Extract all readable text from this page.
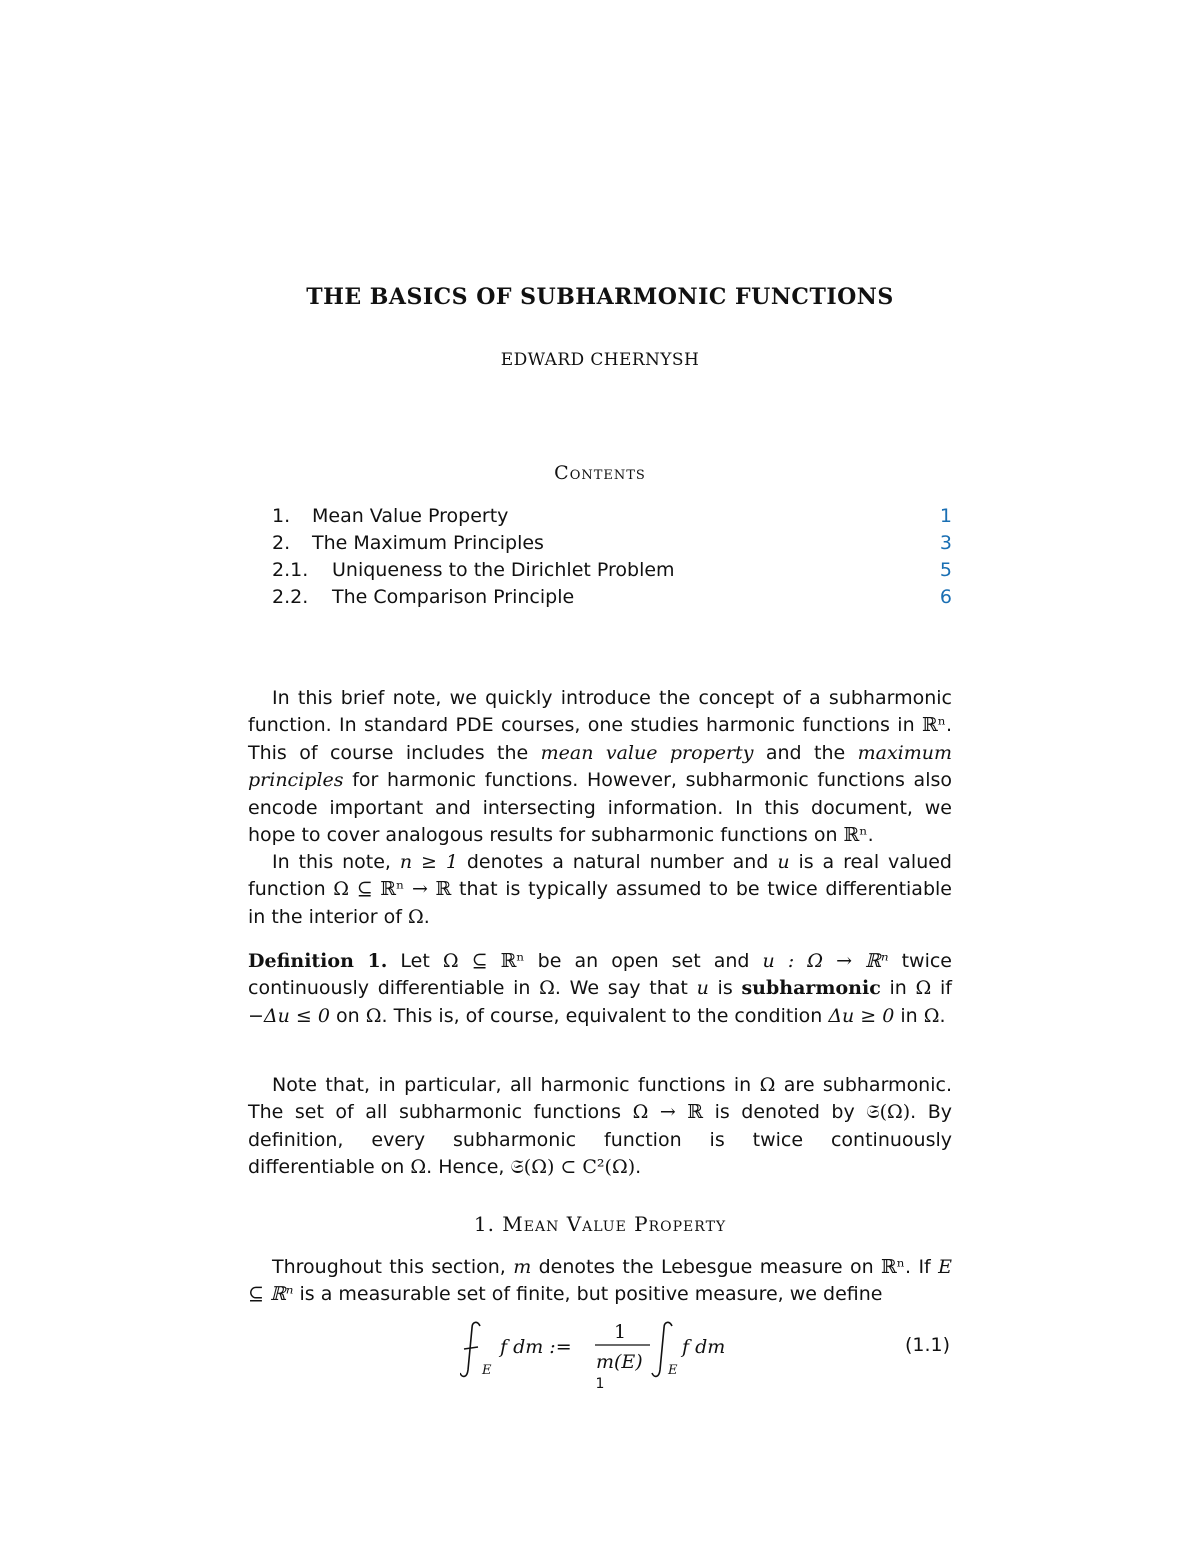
THE BASICS OF SUBHARMONIC FUNCTIONS
EDWARD CHERNYSH
Contents
1. Mean Value Property	1
2. The Maximum Principles	3
2.1. Uniqueness to the Dirichlet Problem	5
2.2. The Comparison Principle	6
In this brief note, we quickly introduce the concept of a subharmonic function. In standard PDE courses, one studies harmonic functions in ℝⁿ. This of course includes the mean value property and the maximum principles for harmonic functions. However, subharmonic functions also encode important and intersecting information. In this document, we hope to cover analogous results for subharmonic functions on ℝⁿ.
In this note, n ≥ 1 denotes a natural number and u is a real valued function Ω ⊆ ℝⁿ → ℝ that is typically assumed to be twice differentiable in the interior of Ω.
Definition 1. Let Ω ⊆ ℝⁿ be an open set and u : Ω → ℝⁿ twice continuously differentiable in Ω. We say that u is subharmonic in Ω if −Δu ≤ 0 on Ω. This is, of course, equivalent to the condition Δu ≥ 0 in Ω.
Note that, in particular, all harmonic functions in Ω are subharmonic. The set of all subharmonic functions Ω → ℝ is denoted by 𝔖(Ω). By definition, every subharmonic function is twice continuously differentiable on Ω. Hence, 𝔖(Ω) ⊂ C²(Ω).
1. Mean Value Property
Throughout this section, m denotes the Lebesgue measure on ℝⁿ. If E ⊆ ℝⁿ is a measurable set of finite, but positive measure, we define
E
f dm :=
1
m(E) E
f dm	(1.1)
1
